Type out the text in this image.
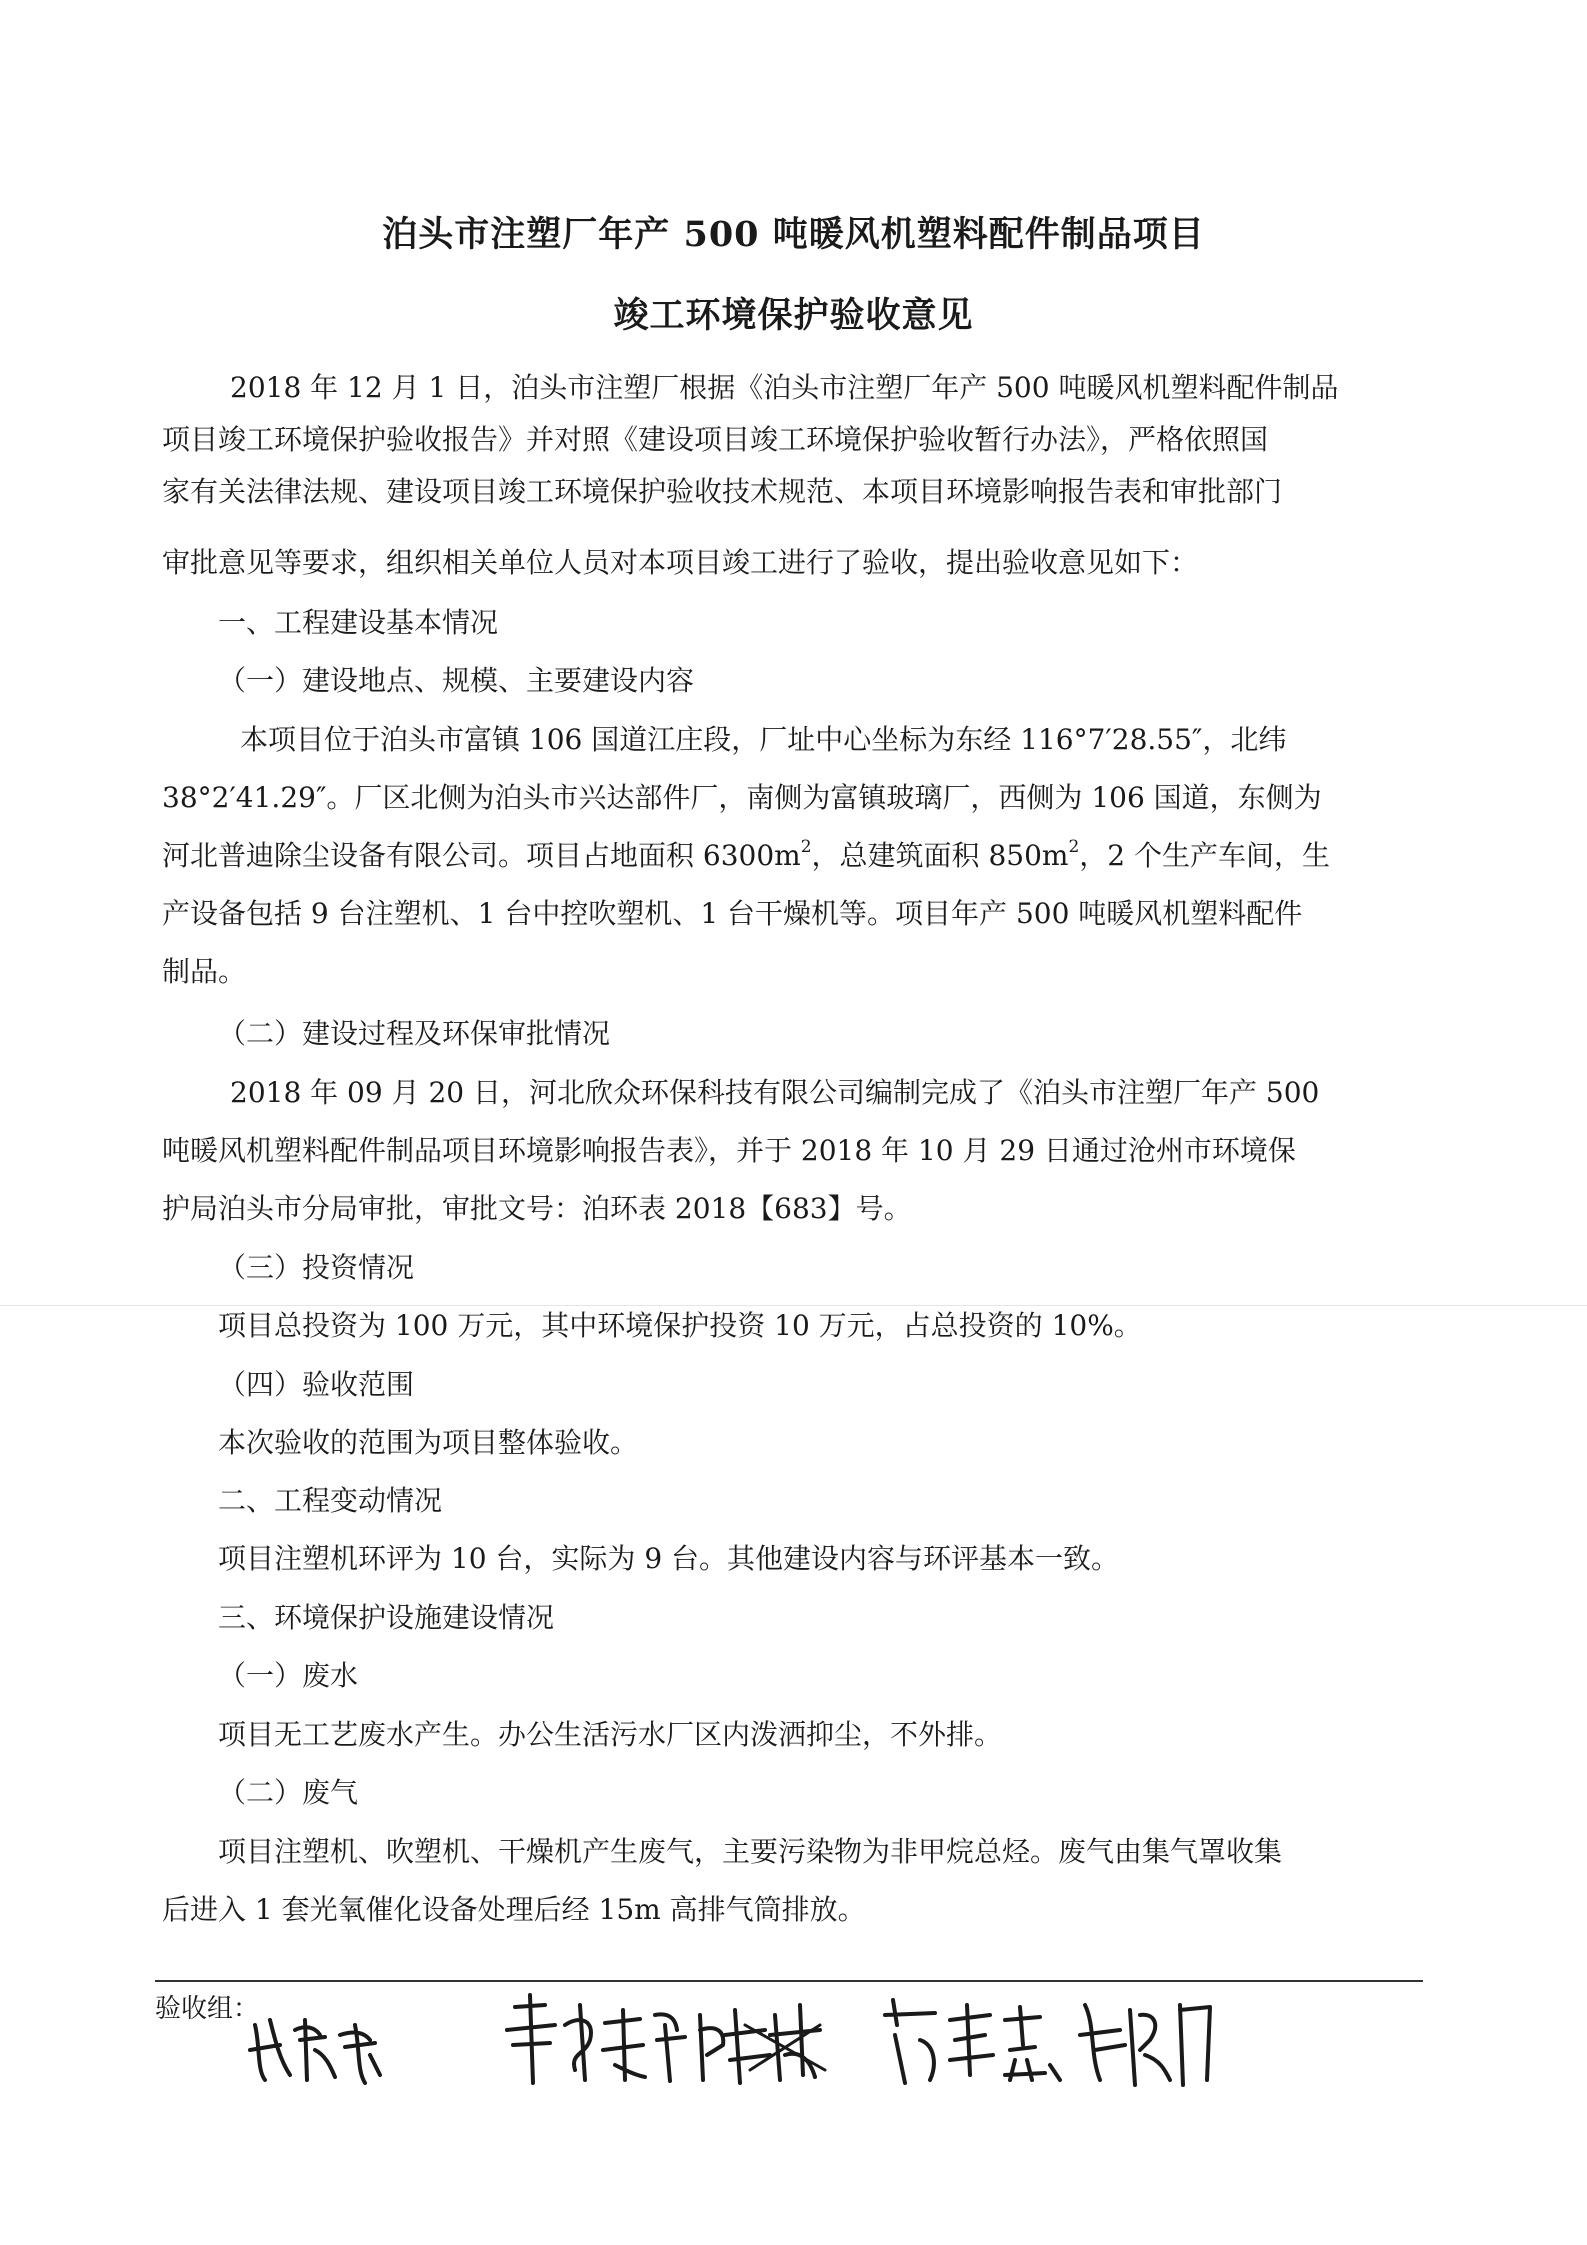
泊头市注塑厂年产 500 吨暖风机塑料配件制品项目
竣工环境保护验收意见
2018 年 12 月 1 日，泊头市注塑厂根据《泊头市注塑厂年产 500 吨暖风机塑料配件制品
项目竣工环境保护验收报告》并对照《建设项目竣工环境保护验收暂行办法》，严格依照国
家有关法律法规、建设项目竣工环境保护验收技术规范、本项目环境影响报告表和审批部门
审批意见等要求，组织相关单位人员对本项目竣工进行了验收，提出验收意见如下：
一、工程建设基本情况
（一）建设地点、规模、主要建设内容
本项目位于泊头市富镇 106 国道江庄段，厂址中心坐标为东经 116°7′28.55″，北纬
38°2′41.29″。厂区北侧为泊头市兴达部件厂，南侧为富镇玻璃厂，西侧为 106 国道，东侧为
河北普迪除尘设备有限公司。项目占地面积 $6300m^2$，总建筑面积 $850m^2$，2 个生产车间，生
产设备包括 9 台注塑机、1 台中控吹塑机、1 台干燥机等。项目年产 500 吨暖风机塑料配件
制品。
（二）建设过程及环保审批情况
2018 年 09 月 20 日，河北欣众环保科技有限公司编制完成了《泊头市注塑厂年产 500
吨暖风机塑料配件制品项目环境影响报告表》，并于 2018 年 10 月 29 日通过沧州市环境保
护局泊头市分局审批，审批文号：泊环表 2018【683】号。
（三）投资情况
项目总投资为 100 万元，其中环境保护投资 10 万元，占总投资的 10%。
（四）验收范围
本次验收的范围为项目整体验收。
二、工程变动情况
项目注塑机环评为 10 台，实际为 9 台。其他建设内容与环评基本一致。
三、环境保护设施建设情况
（一）废水
项目无工艺废水产生。办公生活污水厂区内泼洒抑尘，不外排。
（二）废气
项目注塑机、吹塑机、干燥机产生废气，主要污染物为非甲烷总烃。废气由集气罩收集
后进入 1 套光氧催化设备处理后经 15m 高排气筒排放。
验收组：
